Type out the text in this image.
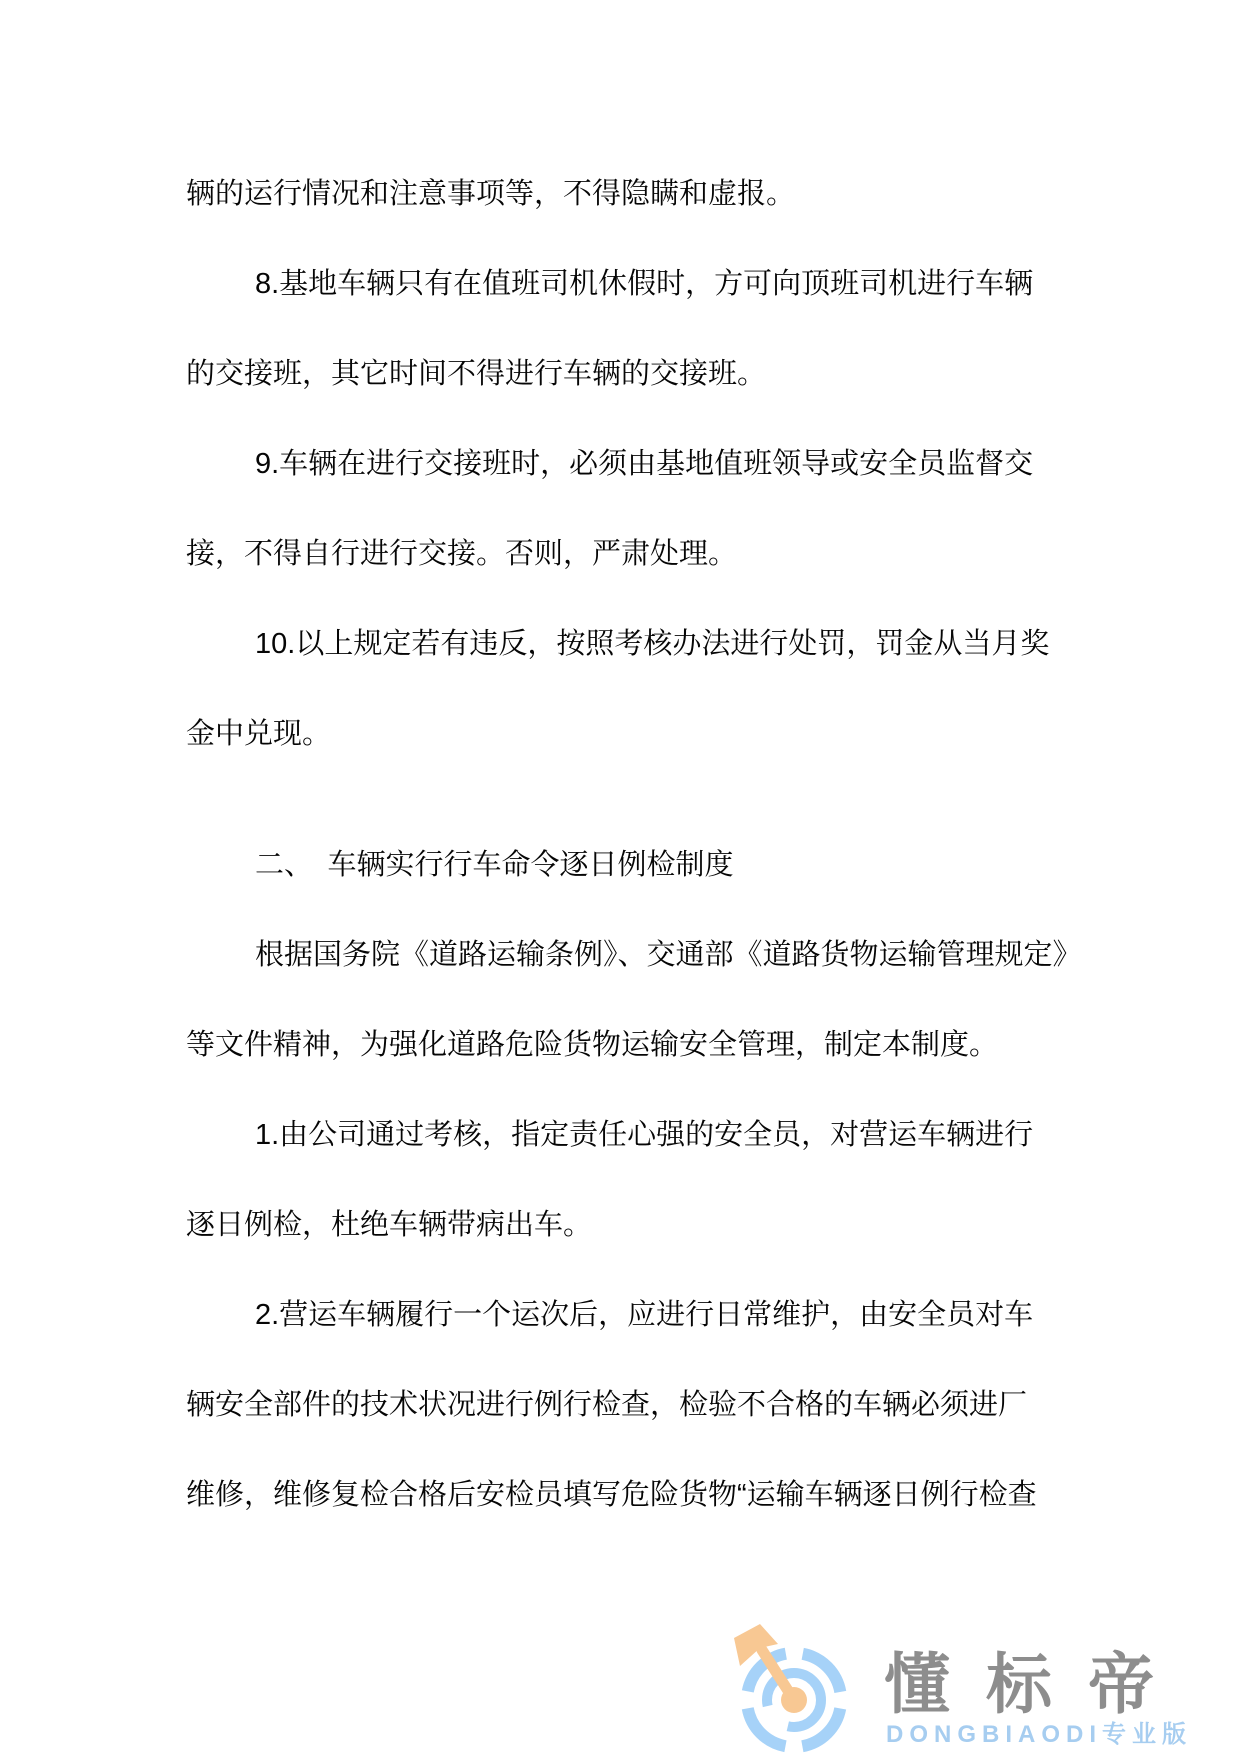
辆的运行情况和注意事项等，不得隐瞒和虚报。
8.基地车辆只有在值班司机休假时，方可向顶班司机进行车辆
的交接班，其它时间不得进行车辆的交接班。
9.车辆在进行交接班时，必须由基地值班领导或安全员监督交
接，不得自行进行交接。否则，严肃处理。
10.以上规定若有违反，按照考核办法进行处罚，罚金从当月奖
金中兑现。
二、　车辆实行行车命令逐日例检制度
根据国务院《道路运输条例》、交通部《道路货物运输管理规定》
等文件精神，为强化道路危险货物运输安全管理，制定本制度。
1.由公司通过考核，指定责任心强的安全员，对营运车辆进行
逐日例检，杜绝车辆带病出车。
2.营运车辆履行一个运次后，应进行日常维护，由安全员对车
辆安全部件的技术状况进行例行检查，检验不合格的车辆必须进厂
维修，维修复检合格后安检员填写危险货物“运输车辆逐日例行检查
懂标帝
DONGBIAODI专业版
